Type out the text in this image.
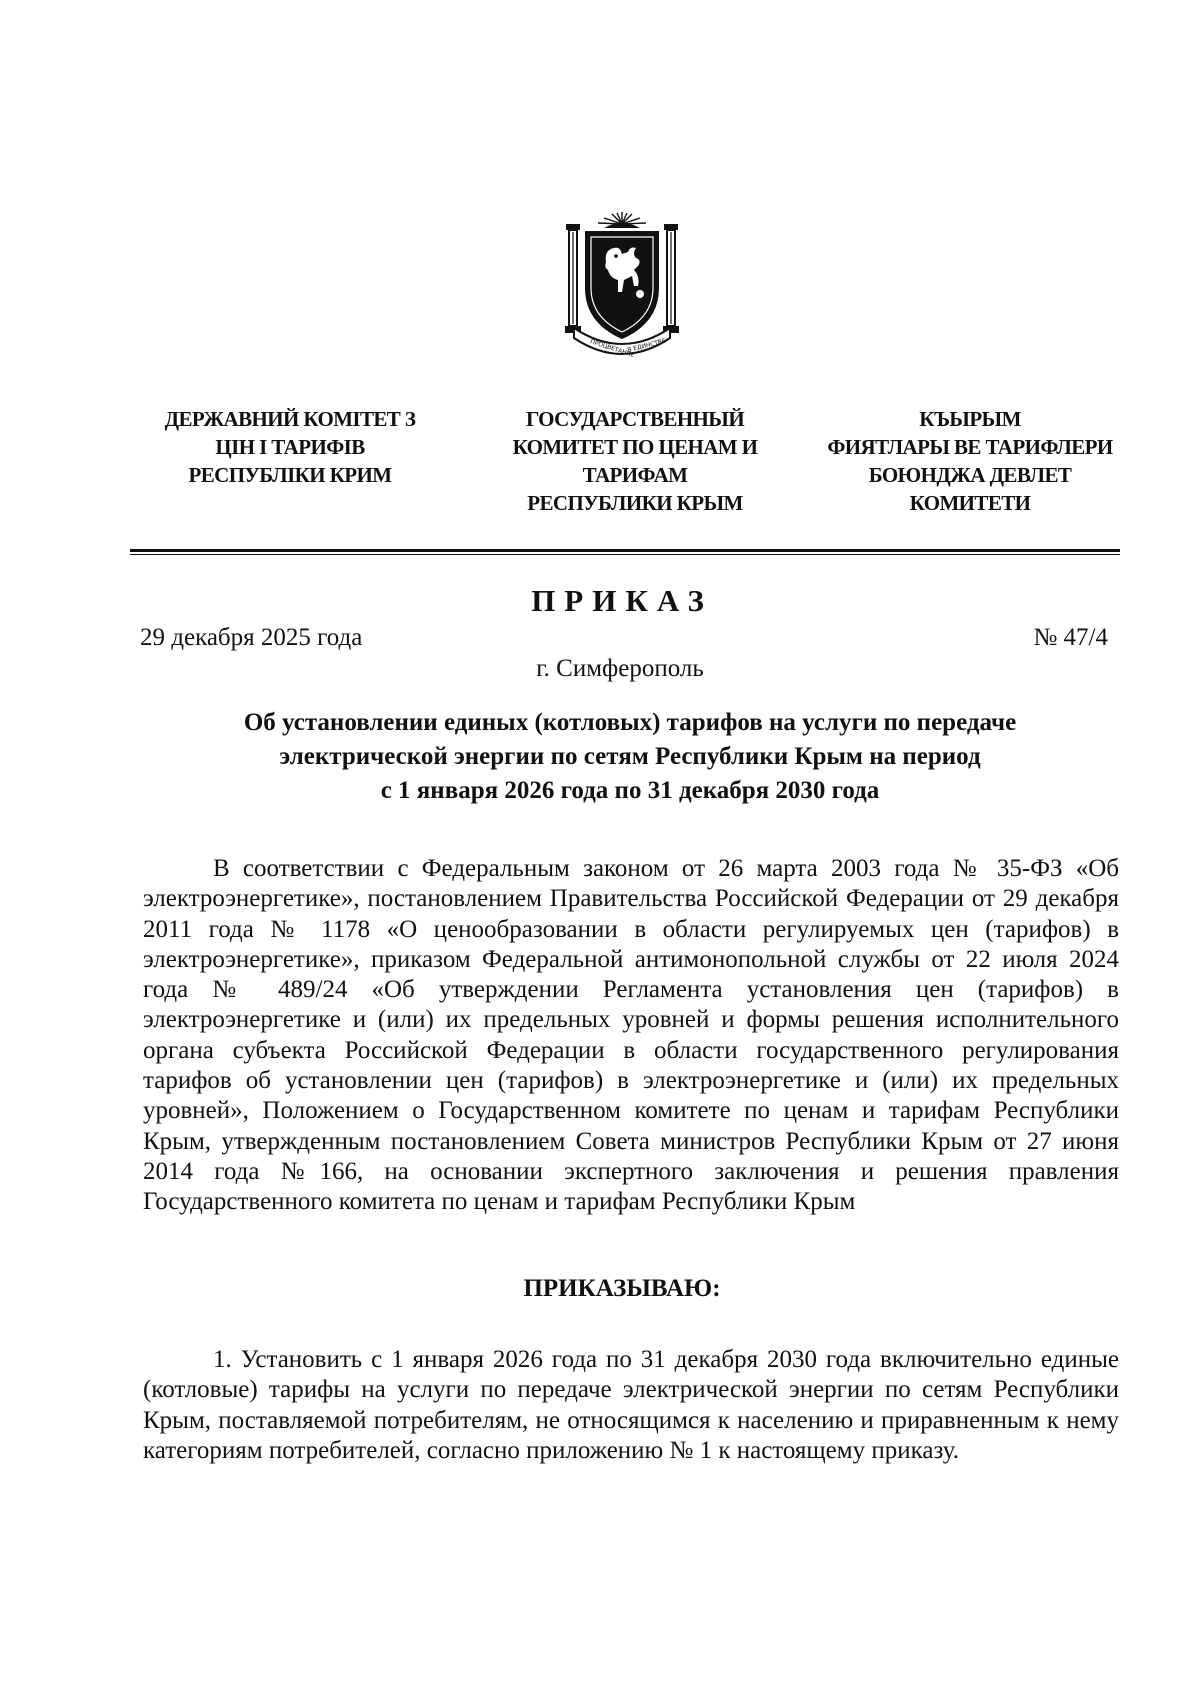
ПРОЦВЕТАНИЕ
В ЕДИНСТВЕ
ДЕРЖАВНИЙ КОМІТЕТ З
ЦІН І ТАРИФІВ
РЕСПУБЛІКИ КРИМ
ГОСУДАРСТВЕННЫЙ
КОМИТЕТ ПО ЦЕНАМ И
ТАРИФАМ
РЕСПУБЛИКИ КРЫМ
КЪЫРЫМ
ФИЯТЛАРЫ ВЕ ТАРИФЛЕРИ
БОЮНДЖА ДЕВЛЕТ
КОМИТЕТИ
ПРИКАЗ
29 декабря 2025 года	№ 47/4
г. Симферополь
Об установлении единых (котловых) тарифов на услуги по передаче
электрической энергии по сетям Республики Крым на период
с 1 января 2026 года по 31 декабря 2030 года

В соответствии с Федеральным законом от 26 марта 2003 года № 35-ФЗ «Об электроэнергетике», постановлением Правительства Российской Федерации от 29 декабря 2011 года № 1178 «О ценообразовании в области регулируемых цен (тарифов) в электроэнергетике», приказом Федеральной антимонопольной службы от 22 июля 2024 года № 489/24 «Об утверждении Регламента установления цен (тарифов) в электроэнергетике и (или) их предельных уровней и формы решения исполнительного органа субъекта Российской Федерации в области государственного регулирования тарифов об установлении цен (тарифов) в электроэнергетике и (или) их предельных уровней», Положением о Государственном комитете по ценам и тарифам Республики Крым, утвержденным постановлением Совета министров Республики Крым от 27 июня 2014 года №166, на основании экспертного заключения и решения правления Государственного комитета по ценам и тарифам Республики Крым

ПРИКАЗЫВАЮ:

1. Установить с 1 января 2026 года по 31 декабря 2030 года включительно единые (котловые) тарифы на услуги по передаче электрической энергии по сетям Республики Крым, поставляемой потребителям, не относящимся к населению и приравненным к нему категориям потребителей, согласно приложению № 1 к настоящему приказу.
